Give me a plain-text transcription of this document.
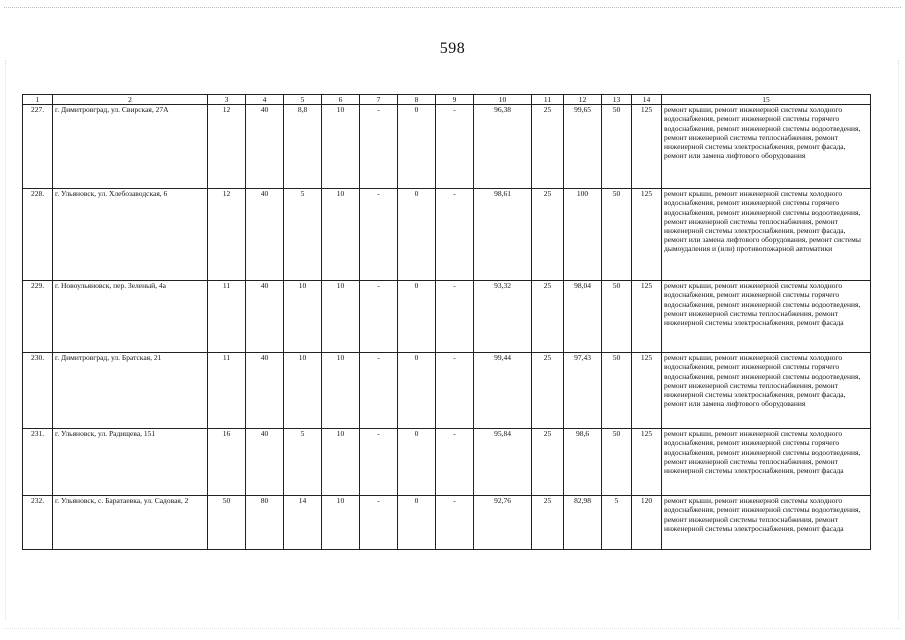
598
1	2	3	4	5	6	7	8	9	10	11	12	13	14	15
227.	г. Димитровград, ул. Свирская, 27А	12	40	8,8	10	-	0	-	96,38	25	99,65	50	125	ремонт крыши, ремонт инженерной системы холодного водоснабжения, ремонт инженерной системы горячего водоснабжения, ремонт инженерной системы водоотведения, ремонт инженерной системы теплоснабжения, ремонт инженерной системы электроснабжения, ремонт фасада, ремонт или замена лифтового оборудования
228.	г. Ульяновск, ул. Хлебозаводская, 6	12	40	5	10	-	0	-	98,61	25	100	50	125	ремонт крыши, ремонт инженерной системы холодного водоснабжения, ремонт инженерной системы горячего водоснабжения, ремонт инженерной системы водоотведения, ремонт инженерной системы теплоснабжения, ремонт инженерной системы электроснабжения, ремонт фасада, ремонт или замена лифтового оборудования, ремонт системы дымоудаления и (или) противопожарной автоматики
229.	г. Новоульяновск, пер. Зеленый, 4а	11	40	10	10	-	0	-	93,32	25	98,04	50	125	ремонт крыши, ремонт инженерной системы холодного водоснабжения, ремонт инженерной системы горячего водоснабжения, ремонт инженерной системы водоотведения, ремонт инженерной системы теплоснабжения, ремонт инженерной системы электроснабжения, ремонт фасада
230.	г. Димитровград, ул. Братская, 21	11	40	10	10	-	0	-	99,44	25	97,43	50	125	ремонт крыши, ремонт инженерной системы холодного водоснабжения, ремонт инженерной системы горячего водоснабжения, ремонт инженерной системы водоотведения, ремонт инженерной системы теплоснабжения, ремонт инженерной системы электроснабжения, ремонт фасада, ремонт или замена лифтового оборудования
231.	г. Ульяновск, ул. Радищева, 151	16	40	5	10	-	0	-	95,84	25	98,6	50	125	ремонт крыши, ремонт инженерной системы холодного водоснабжения, ремонт инженерной системы горячего водоснабжения, ремонт инженерной системы водоотведения, ремонт инженерной системы теплоснабжения, ремонт инженерной системы электроснабжения, ремонт фасада
232.	г. Ульяновск, с. Баратаевка, ул. Садовая, 2	50	80	14	10	-	0	-	92,76	25	82,98	5	120	ремонт крыши, ремонт инженерной системы холодного водоснабжения, ремонт инженерной системы водоотведения, ремонт инженерной системы теплоснабжения, ремонт инженерной системы электроснабжения, ремонт фасада
